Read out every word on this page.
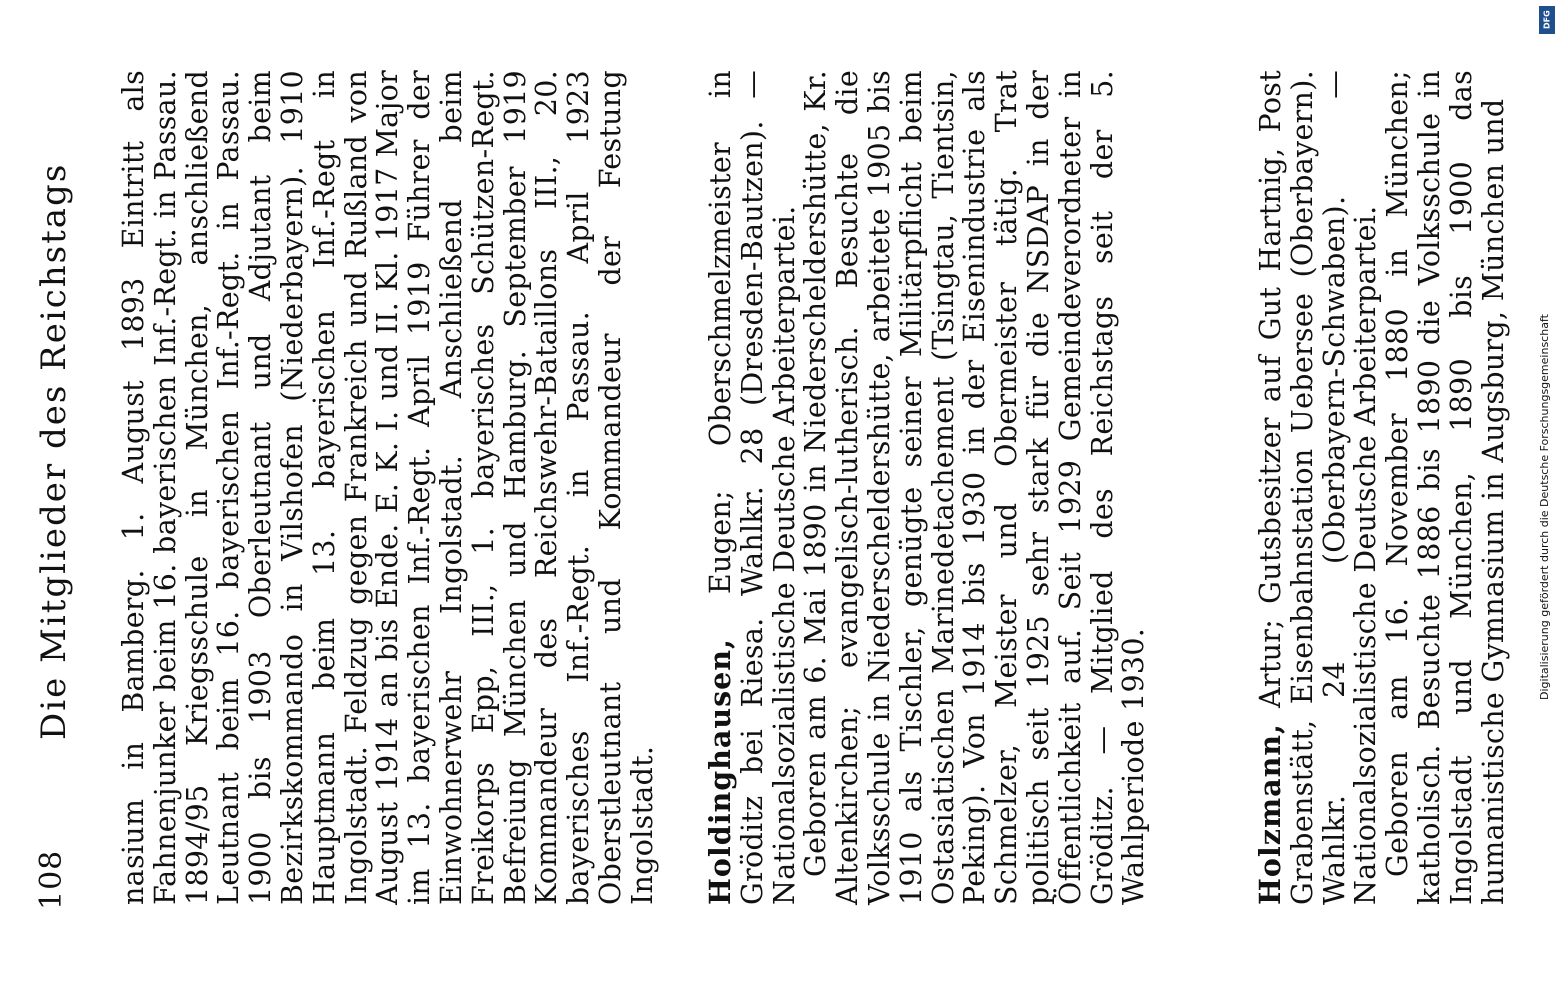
108
Die Mitglieder des Reichstags nasium in Bamberg. 1. August 1893 Eintritt als Fahnenjunker beim 16. bayerischen Inf.-Regt. in Passau. 1894/95 Kriegsschule in München, anschließend Leutnant beim 16. bayerischen Inf.-Regt. in Passau. 1900 bis 1903 Oberleutnant und Adjutant beim Bezirkskommando in Vilshofen (Niederbayern). 1910 Hauptmann beim 13. bayerischen Inf.-Regt in Ingolstadt. Feldzug gegen Frankreich und Rußland von August 1914 an bis Ende. E. K. I. und II. Kl. 1917 Major im 13. bayerischen Inf.-Regt. April 1919 Führer der Einwohnerwehr Ingolstadt. Anschließend beim Freikorps Epp, III., 1. bayerisches Schützen-Regt. Befreiung München und Hamburg. September 1919 Kommandeur des Reichswehr-Bataillons III., 20. bayerisches Inf.-Regt. in Passau. April 1923 Oberstleutnant und Kommandeur der Festung Ingolstadt. Holdinghausen, Eugen; Oberschmelzmeister in Gröditz bei Riesa. Wahlkr. 28 (Dresden-Bautzen). — Nationalsozialistische Deutsche Arbeiterpartei.

Geboren am 6. Mai 1890 in Niederscheldershütte, Kr. Altenkirchen; evangelisch-lutherisch. Besuchte die Volksschule in Niederscheldershütte, arbeitete 1905 bis 1910 als Tischler, genügte seiner Militärpflicht beim Ostasiatischen Marinedetachement (Tsingtau, Tientsin, Peking). Von 1914 bis 1930 in der Eisenindustrie als Schmelzer, Meister und Obermeister tätig. Trat politisch seit 1925 sehr stark für die NSDAP in der Öffentlichkeit auf. Seit 1929 Gemeindeverordneter in Gröditz. — Mitglied des Reichstags seit der 5. Wahlperiode 1930.	Holzmann, Artur; Gutsbesitzer auf Gut Hartnig, Post Grabenstätt, Eisenbahnstation Uebersee (Oberbayern). Wahlkr. 24 (Oberbayern-Schwaben). — Nationalsozialistische Deutsche Arbeiterpartei.

Geboren am 16. November 1880 in München; katholisch. Besuchte 1886 bis 1890 die Volksschule in Ingolstadt und München, 1890 bis 1900 das humanistische Gymnasium in Augsburg, München und

DFG
Digitalisierung gefördert durch die Deutsche Forschungsgemeinschaft
